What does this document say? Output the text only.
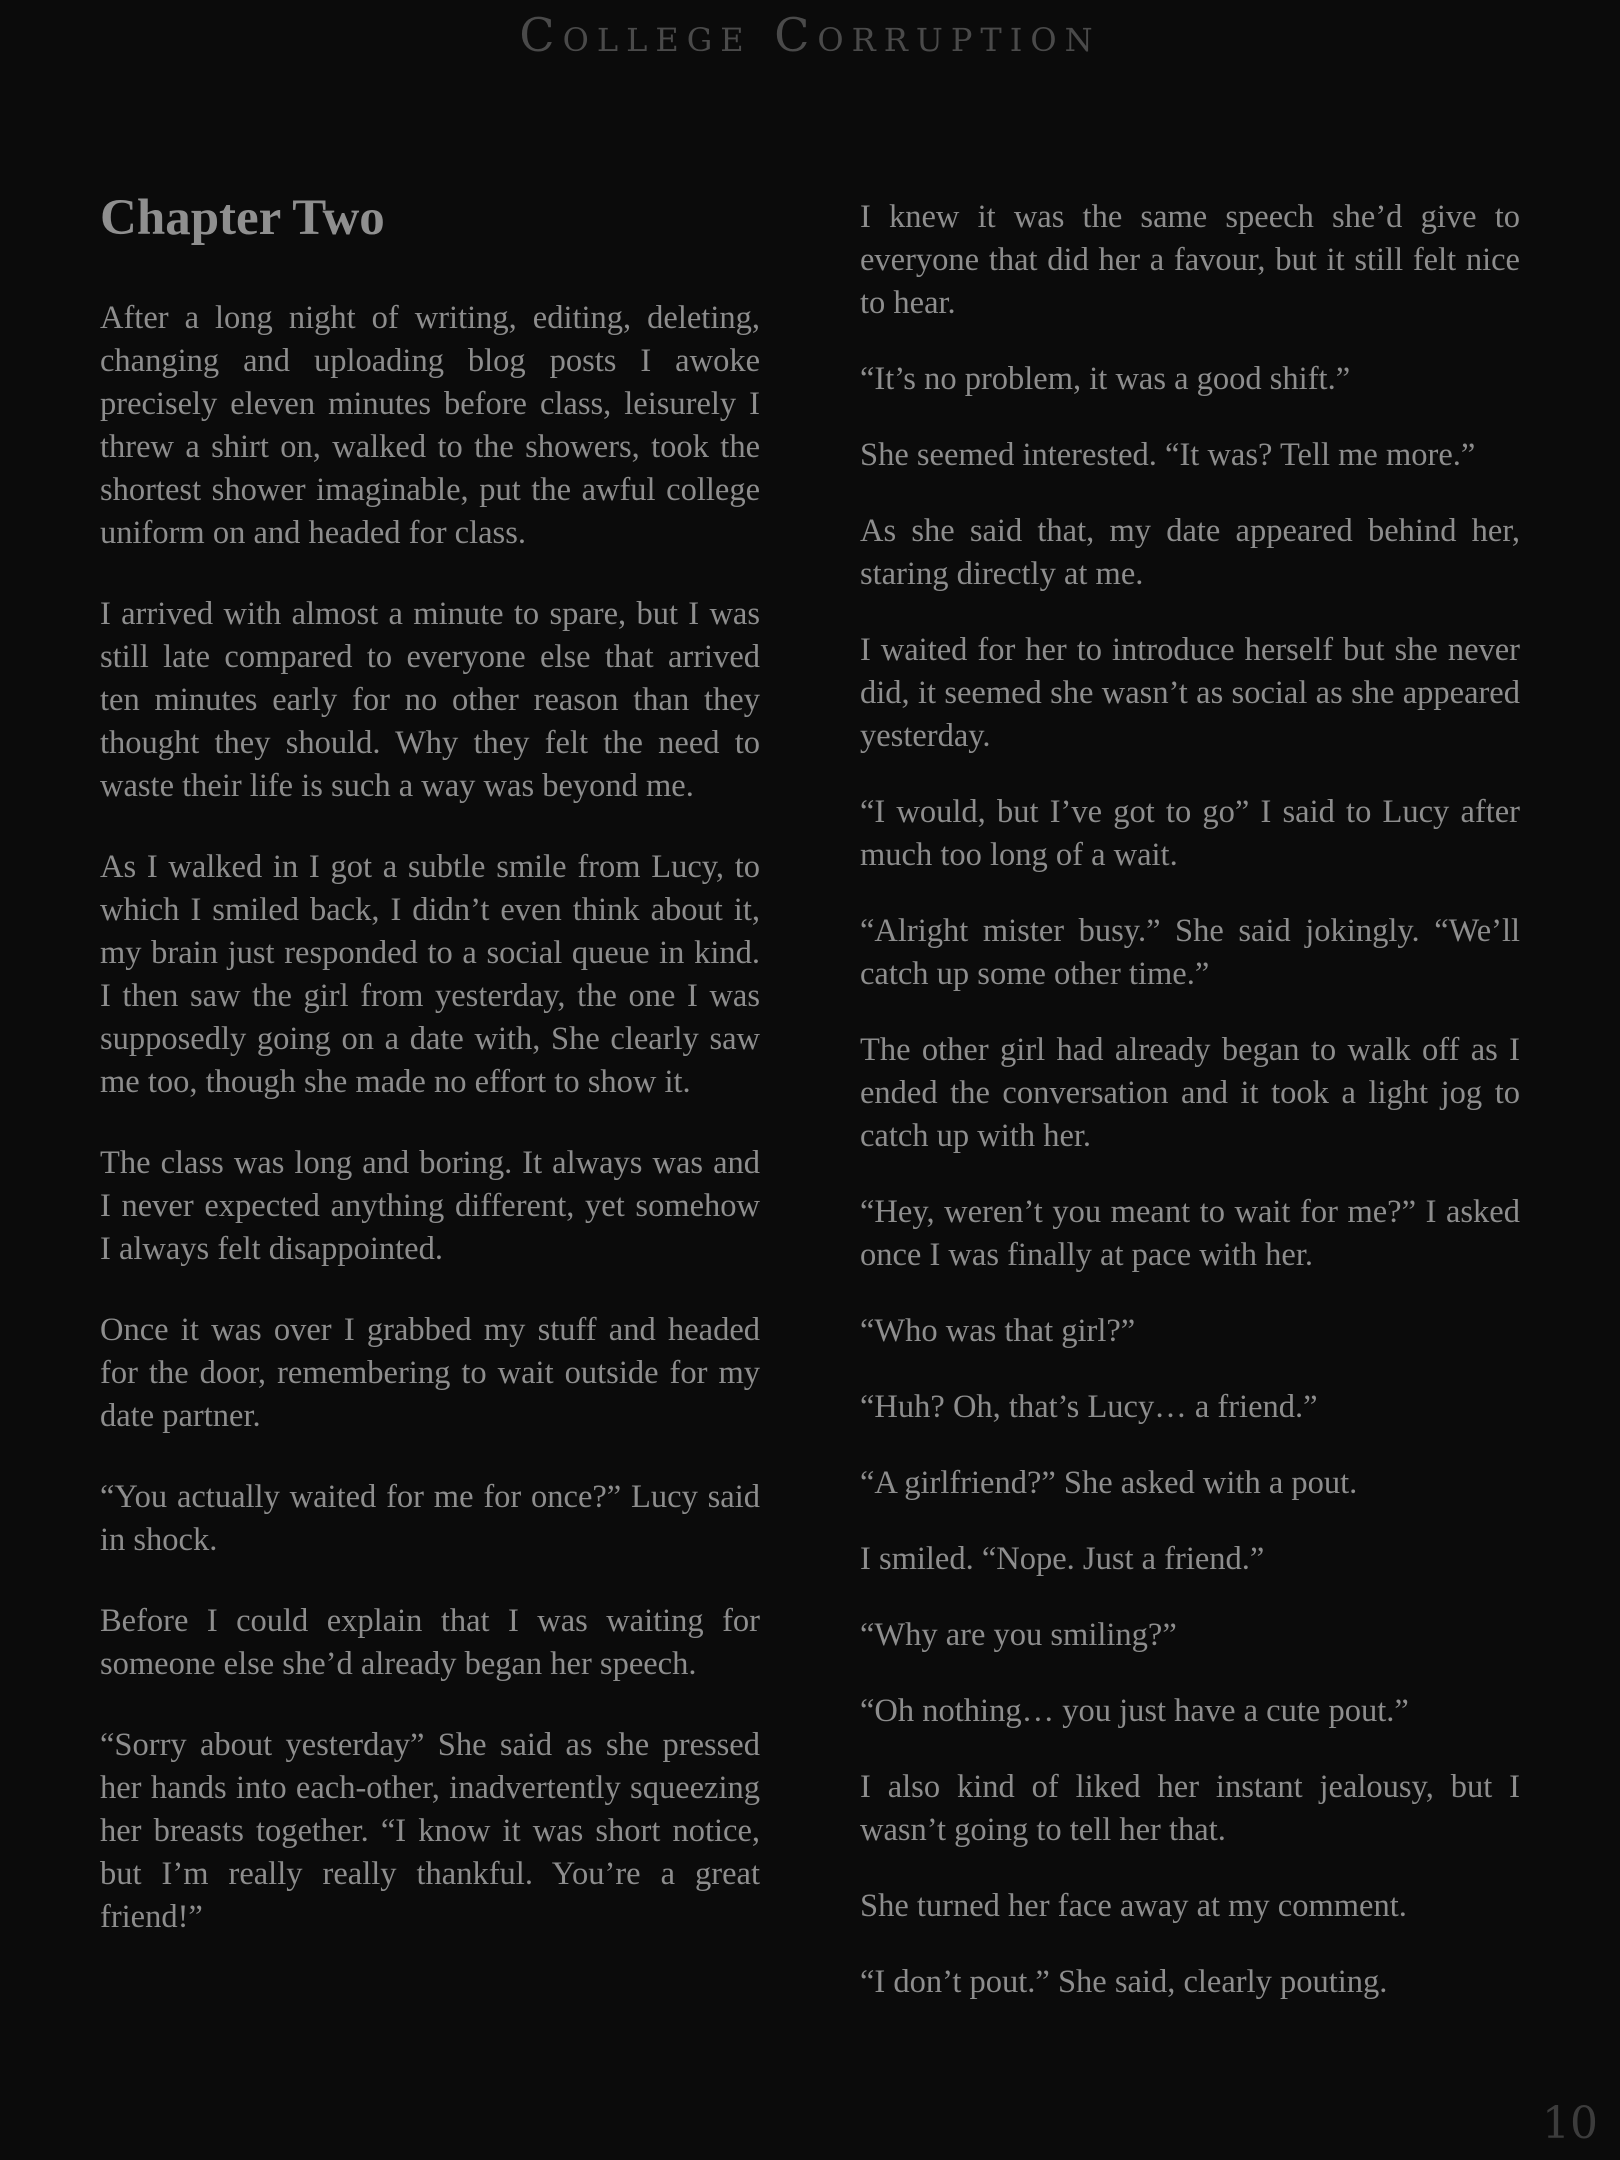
College Corruption
Chapter Two

After a long night of writing, editing, deleting, changing and uploading blog posts I awoke precisely eleven minutes before class, leisurely I threw a shirt on, walked to the showers, took the shortest shower imaginable, put the awful college uniform on and headed for class.

I arrived with almost a minute to spare, but I was still late compared to everyone else that arrived ten minutes early for no other reason than they thought they should. Why they felt the need to waste their life is such a way was beyond me.

As I walked in I got a subtle smile from Lucy, to which I smiled back, I didn’t even think about it, my brain just responded to a social queue in kind. I then saw the girl from yesterday, the one I was supposedly going on a date with, She clearly saw me too, though she made no effort to show it.

The class was long and boring. It always was and I never expected anything different, yet somehow I always felt disappointed.

Once it was over I grabbed my stuff and headed for the door, remembering to wait outside for my date partner.

“You actually waited for me for once?” Lucy said in shock.

Before I could explain that I was waiting for someone else she’d already began her speech.

“Sorry about yesterday” She said as she pressed her hands into each-other, inadvertently squeezing her breasts together. “I know it was short notice, but I’m really really thankful. You’re a great friend!”

I knew it was the same speech she’d give to everyone that did her a favour, but it still felt nice to hear.

“It’s no problem, it was a good shift.”

She seemed interested. “It was? Tell me more.”

As she said that, my date appeared behind her, staring directly at me.

I waited for her to introduce herself but she never did, it seemed she wasn’t as social as she appeared yesterday.

“I would, but I’ve got to go” I said to Lucy after much too long of a wait.

“Alright mister busy.” She said jokingly. “We’ll catch up some other time.”

The other girl had already began to walk off as I ended the conversation and it took a light jog to catch up with her.

“Hey, weren’t you meant to wait for me?” I asked once I was finally at pace with her.

“Who was that girl?”

“Huh? Oh, that’s Lucy… a friend.”

“A girlfriend?” She asked with a pout.

I smiled. “Nope. Just a friend.”

“Why are you smiling?”

“Oh nothing… you just have a cute pout.”

I also kind of liked her instant jealousy, but I wasn’t going to tell her that.

She turned her face away at my comment.

“I don’t pout.” She said, clearly pouting.

10
